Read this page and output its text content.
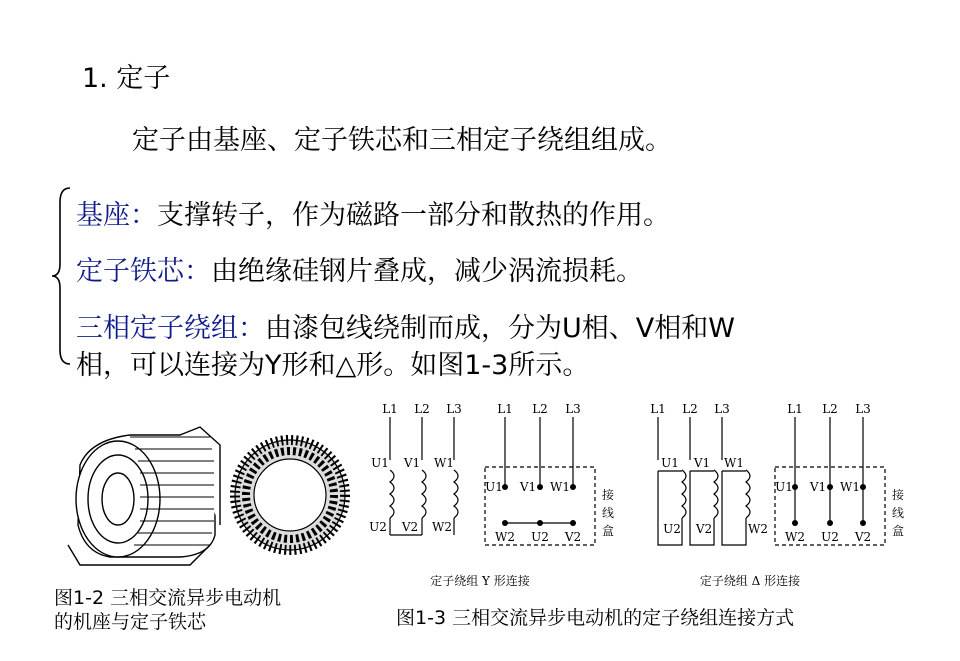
1. 定子
定子由基座、定子铁芯和三相定子绕组组成。
基座：支撑转子，作为磁路一部分和散热的作用。
定子铁芯：由绝缘硅钢片叠成，减少涡流损耗。
三相定子绕组：由漆包线绕制而成，分为U相、V相和W
相，可以连接为Y形和△形。如图1-3所示。
图1-2 三相交流异步电动机
的机座与定子铁芯
L1 L2 L3
U1 V1 W1
U2 V2 W2
L1 L2 L3
U1 V1 W1
W2 U2 V2
接
线
盒
L1 L2 L3
U1 V1 W1
U2 V2	W2
L1 L2 L3
U1 V1 W1
W2 U2 V2
接
线
盒
定子绕组 Y 形连接	定子绕组 Δ 形连接
图1-3 三相交流异步电动机的定子绕组连接方式
